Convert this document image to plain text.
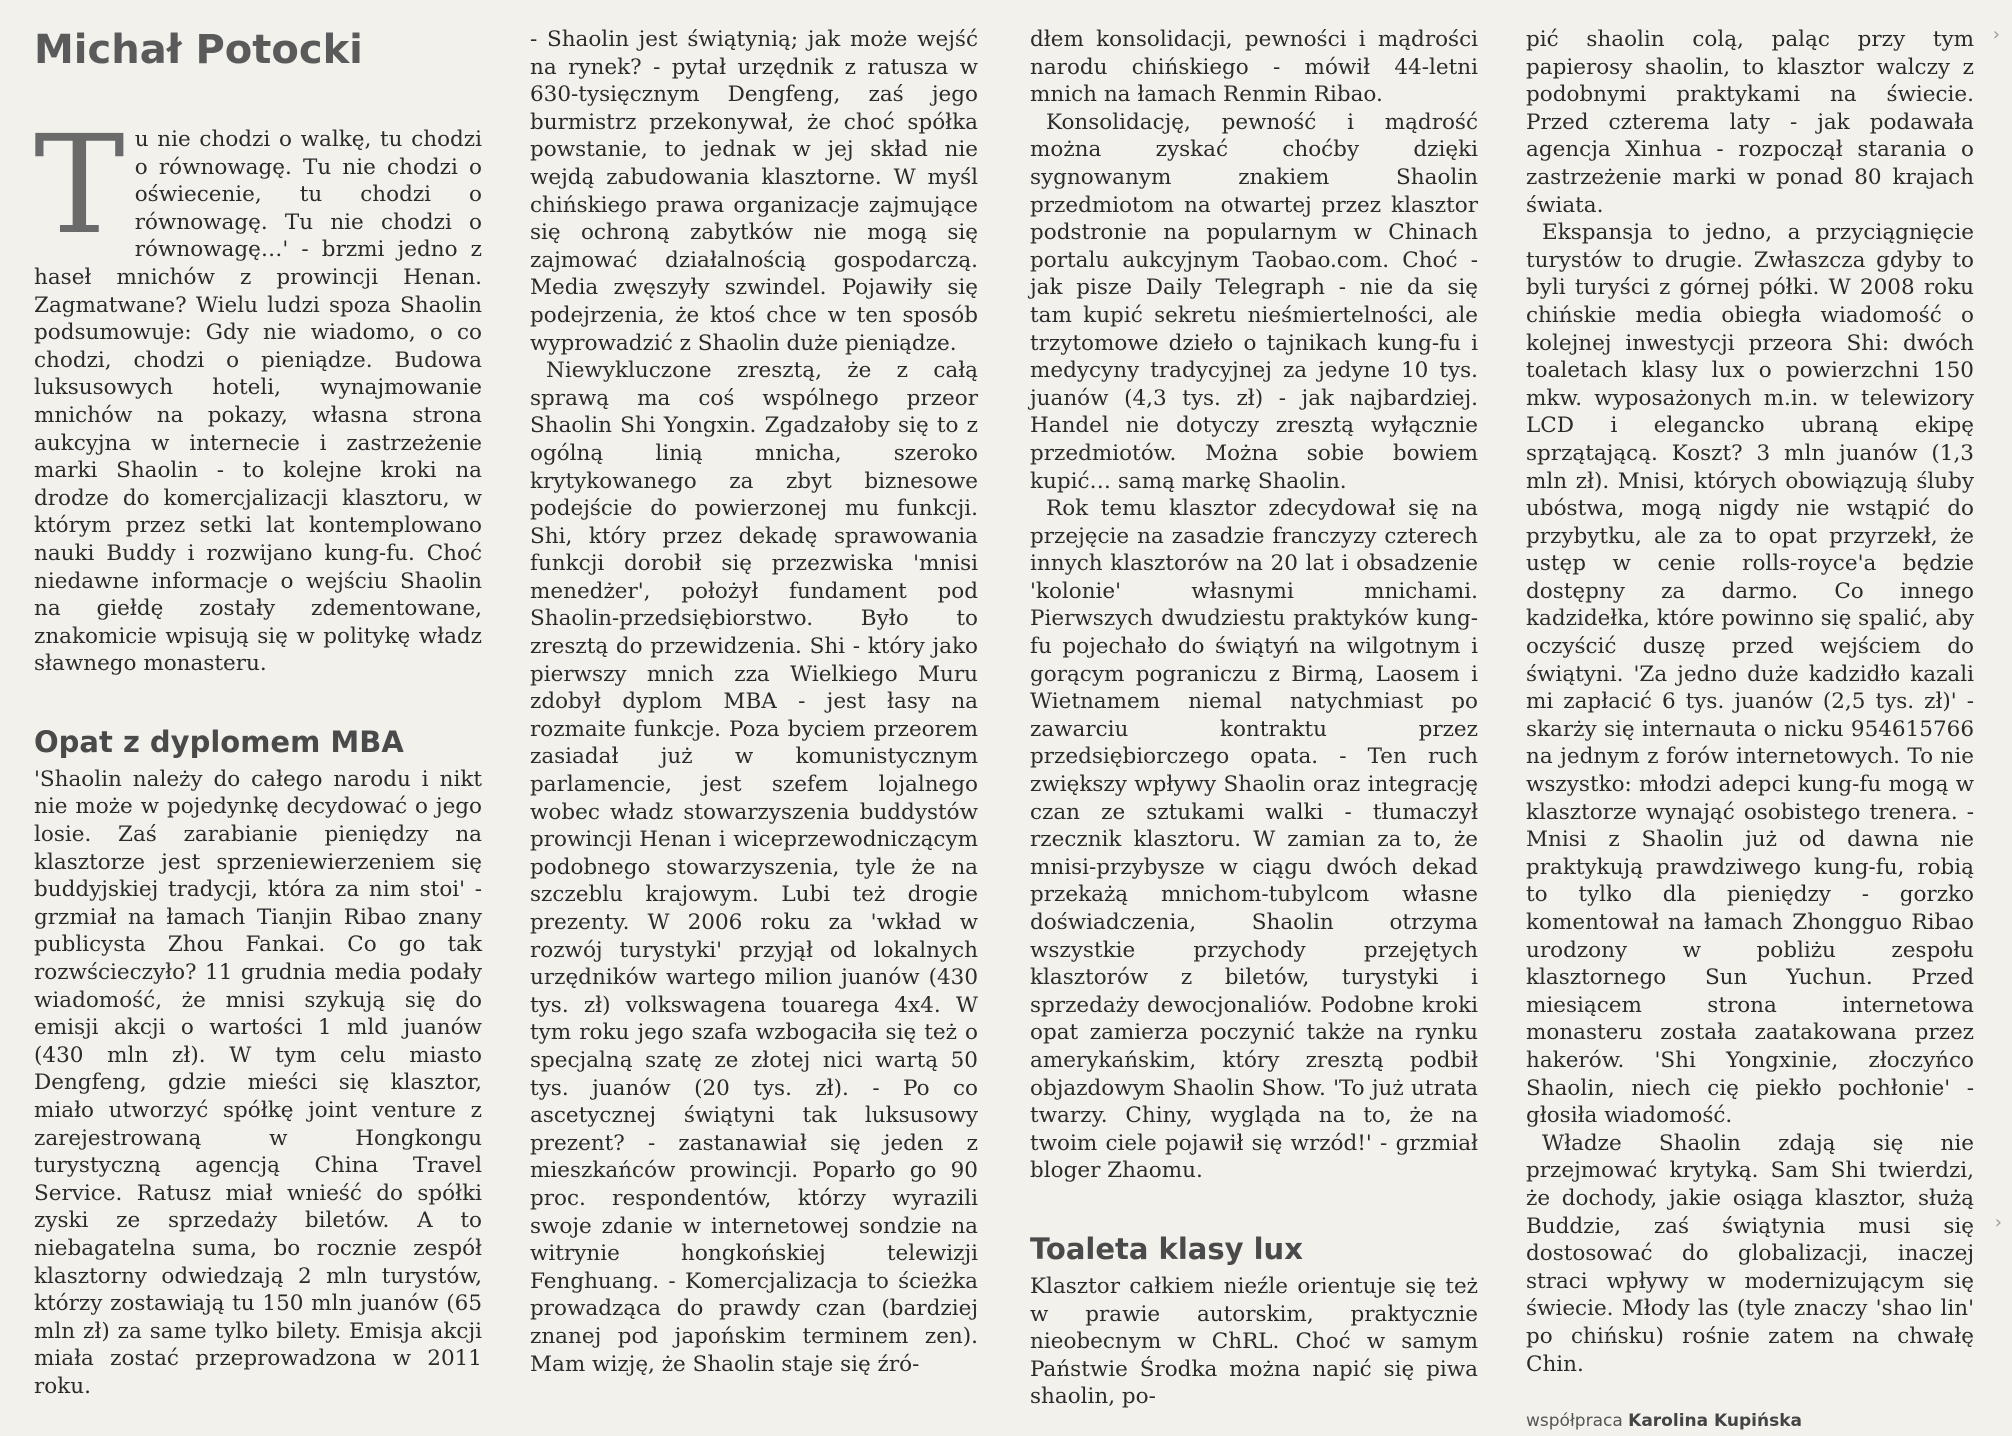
Michał Potocki

Tu nie chodzi o walkę, tu chodzi o równowagę. Tu nie chodzi o oświecenie, tu chodzi o równowagę. Tu nie chodzi o równowagę…' - brzmi jedno z haseł mnichów z prowincji Henan. Zagmatwane? Wielu ludzi spoza Shaolin podsumowuje: Gdy nie wiadomo, o co chodzi, chodzi o pieniądze. Budowa luksusowych hoteli, wynajmowanie mnichów na pokazy, własna strona aukcyjna w internecie i zastrzeżenie marki Shaolin - to kolejne kroki na drodze do komercjalizacji klasztoru, w którym przez setki lat kontemplowano nauki Buddy i rozwijano kung-fu. Choć niedawne informacje o wejściu Shaolin na giełdę zostały zdementowane, znakomicie wpisują się w politykę władz sławnego monasteru.

Opat z dyplomem MBA

'Shaolin należy do całego narodu i nikt nie może w pojedynkę decydować o jego losie. Zaś zarabianie pieniędzy na klasztorze jest sprzeniewierzeniem się buddyjskiej tradycji, która za nim stoi' - grzmiał na łamach Tianjin Ribao znany publicysta Zhou Fankai. Co go tak rozwścieczyło? 11 grudnia media podały wiadomość, że mnisi szykują się do emisji akcji o wartości 1 mld juanów (430 mln zł). W tym celu miasto Dengfeng, gdzie mieści się klasztor, miało utworzyć spółkę joint venture z zarejestrowaną w Hongkongu turystyczną agencją China Travel Service. Ratusz miał wnieść do spółki zyski ze sprzedaży biletów. A to niebagatelna suma, bo rocznie zespół klasztorny odwiedzają 2 mln turystów, którzy zostawiają tu 150 mln juanów (65 mln zł) za same tylko bilety. Emisja akcji miała zostać przeprowadzona w 2011 roku.

- Shaolin jest świątynią; jak może wejść na rynek? - pytał urzędnik z ratusza w 630-tysięcznym Dengfeng, zaś jego burmistrz przekonywał, że choć spółka powstanie, to jednak w jej skład nie wejdą zabudowania klasztorne. W myśl chińskiego prawa organizacje zajmujące się ochroną zabytków nie mogą się zajmować działalnością gospodarczą. Media zwęszyły szwindel. Pojawiły się podejrzenia, że ktoś chce w ten sposób wyprowadzić z Shaolin duże pieniądze.

Niewykluczone zresztą, że z całą sprawą ma coś wspólnego przeor Shaolin Shi Yongxin. Zgadzałoby się to z ogólną linią mnicha, szeroko krytykowanego za zbyt biznesowe podejście do powierzonej mu funkcji. Shi, który przez dekadę sprawowania funkcji dorobił się przezwiska 'mnisi menedżer', położył fundament pod Shaolin-przedsiębiorstwo. Było to zresztą do przewidzenia. Shi - który jako pierwszy mnich zza Wielkiego Muru zdobył dyplom MBA - jest łasy na rozmaite funkcje. Poza byciem przeorem zasiadał już w komunistycznym parlamencie, jest szefem lojalnego wobec władz stowarzyszenia buddystów prowincji Henan i wiceprzewodniczącym podobnego stowarzyszenia, tyle że na szczeblu krajowym. Lubi też drogie prezenty. W 2006 roku za 'wkład w rozwój turystyki' przyjął od lokalnych urzędników wartego milion juanów (430 tys. zł) volkswagena touarega 4x4. W tym roku jego szafa wzbogaciła się też o specjalną szatę ze złotej nici wartą 50 tys. juanów (20 tys. zł). - Po co ascetycznej świątyni tak luksusowy prezent? - zastanawiał się jeden z mieszkańców prowincji. Poparło go 90 proc. respondentów, którzy wyrazili swoje zdanie w internetowej sondzie na witrynie hongkońskiej telewizji Fenghuang. - Komercjalizacja to ścieżka prowadząca do prawdy czan (bardziej znanej pod japońskim terminem zen). Mam wizję, że Shaolin staje się źró-

dłem konsolidacji, pewności i mądrości narodu chińskiego - mówił 44-letni mnich na łamach Renmin Ribao.

Konsolidację, pewność i mądrość można zyskać choćby dzięki sygnowanym znakiem Shaolin przedmiotom na otwartej przez klasztor podstronie na popularnym w Chinach portalu aukcyjnym Taobao.com. Choć - jak pisze Daily Telegraph - nie da się tam kupić sekretu nieśmiertelności, ale trzytomowe dzieło o tajnikach kung-fu i medycyny tradycyjnej za jedyne 10 tys. juanów (4,3 tys. zł) - jak najbardziej. Handel nie dotyczy zresztą wyłącznie przedmiotów. Można sobie bowiem kupić… samą markę Shaolin.

Rok temu klasztor zdecydował się na przejęcie na zasadzie franczyzy czterech innych klasztorów na 20 lat i obsadzenie 'kolonie' własnymi mnichami. Pierwszych dwudziestu praktyków kung-fu pojechało do świątyń na wilgotnym i gorącym pograniczu z Birmą, Laosem i Wietnamem niemal natychmiast po zawarciu kontraktu przez przedsiębiorczego opata. - Ten ruch zwiększy wpływy Shaolin oraz integrację czan ze sztukami walki - tłumaczył rzecznik klasztoru. W zamian za to, że mnisi-przybysze w ciągu dwóch dekad przekażą mnichom-tubylcom własne doświadczenia, Shaolin otrzyma wszystkie przychody przejętych klasztorów z biletów, turystyki i sprzedaży dewocjonaliów. Podobne kroki opat zamierza poczynić także na rynku amerykańskim, który zresztą podbił objazdowym Shaolin Show. 'To już utrata twarzy. Chiny, wygląda na to, że na twoim ciele pojawił się wrzód!' - grzmiał bloger Zhaomu.

Toaleta klasy lux

Klasztor całkiem nieźle orientuje się też w prawie autorskim, praktycznie nieobecnym w ChRL. Choć w samym Państwie Środka można napić się piwa shaolin, po-

pić shaolin colą, paląc przy tym papierosy shaolin, to klasztor walczy z podobnymi praktykami na świecie. Przed czterema laty - jak podawała agencja Xinhua - rozpoczął starania o zastrzeżenie marki w ponad 80 krajach świata.

Ekspansja to jedno, a przyciągnięcie turystów to drugie. Zwłaszcza gdyby to byli turyści z górnej półki. W 2008 roku chińskie media obiegła wiadomość o kolejnej inwestycji przeora Shi: dwóch toaletach klasy lux o powierzchni 150 mkw. wyposażonych m.in. w telewizory LCD i elegancko ubraną ekipę sprzątającą. Koszt? 3 mln juanów (1,3 mln zł). Mnisi, których obowiązują śluby ubóstwa, mogą nigdy nie wstąpić do przybytku, ale za to opat przyrzekł, że ustęp w cenie rolls-royce'a będzie dostępny za darmo. Co innego kadzidełka, które powinno się spalić, aby oczyścić duszę przed wejściem do świątyni. 'Za jedno duże kadzidło kazali mi zapłacić 6 tys. juanów (2,5 tys. zł)' - skarży się internauta o nicku 954615766 na jednym z forów internetowych. To nie wszystko: młodzi adepci kung-fu mogą w klasztorze wynająć osobistego trenera. - Mnisi z Shaolin już od dawna nie praktykują prawdziwego kung-fu, robią to tylko dla pieniędzy - gorzko komentował na łamach Zhongguo Ribao urodzony w pobliżu zespołu klasztornego Sun Yuchun. Przed miesiącem strona internetowa monasteru została zaatakowana przez hakerów. 'Shi Yongxinie, złoczyńco Shaolin, niech cię piekło pochłonie' - głosiła wiadomość.

Władze Shaolin zdają się nie przejmować krytyką. Sam Shi twierdzi, że dochody, jakie osiąga klasztor, służą Buddzie, zaś świątynia musi się dostosować do globalizacji, inaczej straci wpływy w modernizującym się świecie. Młody las (tyle znaczy 'shao lin' po chińsku) rośnie zatem na chwałę Chin.

współpraca Karolina Kupińska
›
›
